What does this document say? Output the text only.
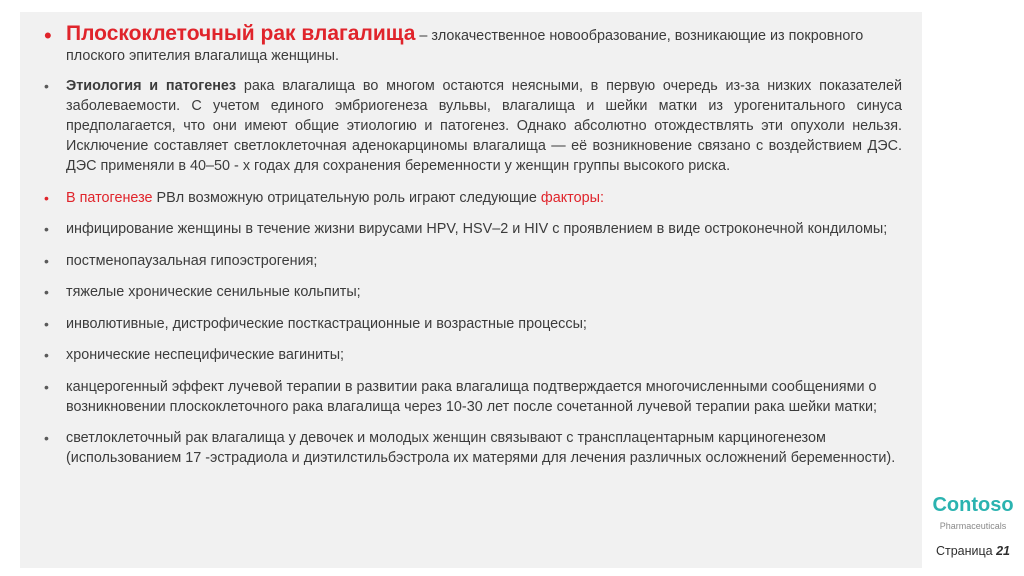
• Плоскоклеточный рак влагалища – злокачественное новообразование, возникающие из покровного плоского эпителия влагалища женщины.
• Этиология и патогенез рака влагалища во многом остаются неясными, в первую очередь из-за низких показателей заболеваемости. С учетом единого эмбриогенеза вульвы, влагалища и шейки матки из урогенитального синуса предполагается, что они имеют общие этиологию и патогенез. Однако абсолютно отождествлять эти опухоли нельзя. Исключение составляет светлоклеточная аденокарциномы влагалища — её возникновение связано с воздействием ДЭС. ДЭС применяли в 40–50 - х годах для сохранения беременности у женщин группы высокого риска.
• В патогенезе РВл возможную отрицательную роль играют следующие факторы:
• инфицирование женщины в течение жизни вирусами HPV, HSV–2 и HIV с проявлением в виде остроконечной кондиломы;
• постменопаузальная гипоэстрогения;
• тяжелые хронические сенильные кольпиты;
• инволютивные, дистрофические посткастрационные и возрастные процессы;
• хронические неспецифические вагиниты;
• канцерогенный эффект лучевой терапии в развитии рака влагалища подтверждается многочисленными сообщениями о возникновении плоскоклеточного рака влагалища через 10-30 лет после сочетанной лучевой терапии рака шейки матки;
• светлоклеточный рак влагалища у девочек и молодых женщин связывают с трансплацентарным карциногенезом (использованием 17 -эстрадиола и диэтилстильбэстрола их матерями для лечения различных осложнений беременности).
Contoso
Pharmaceuticals
Страница 21
